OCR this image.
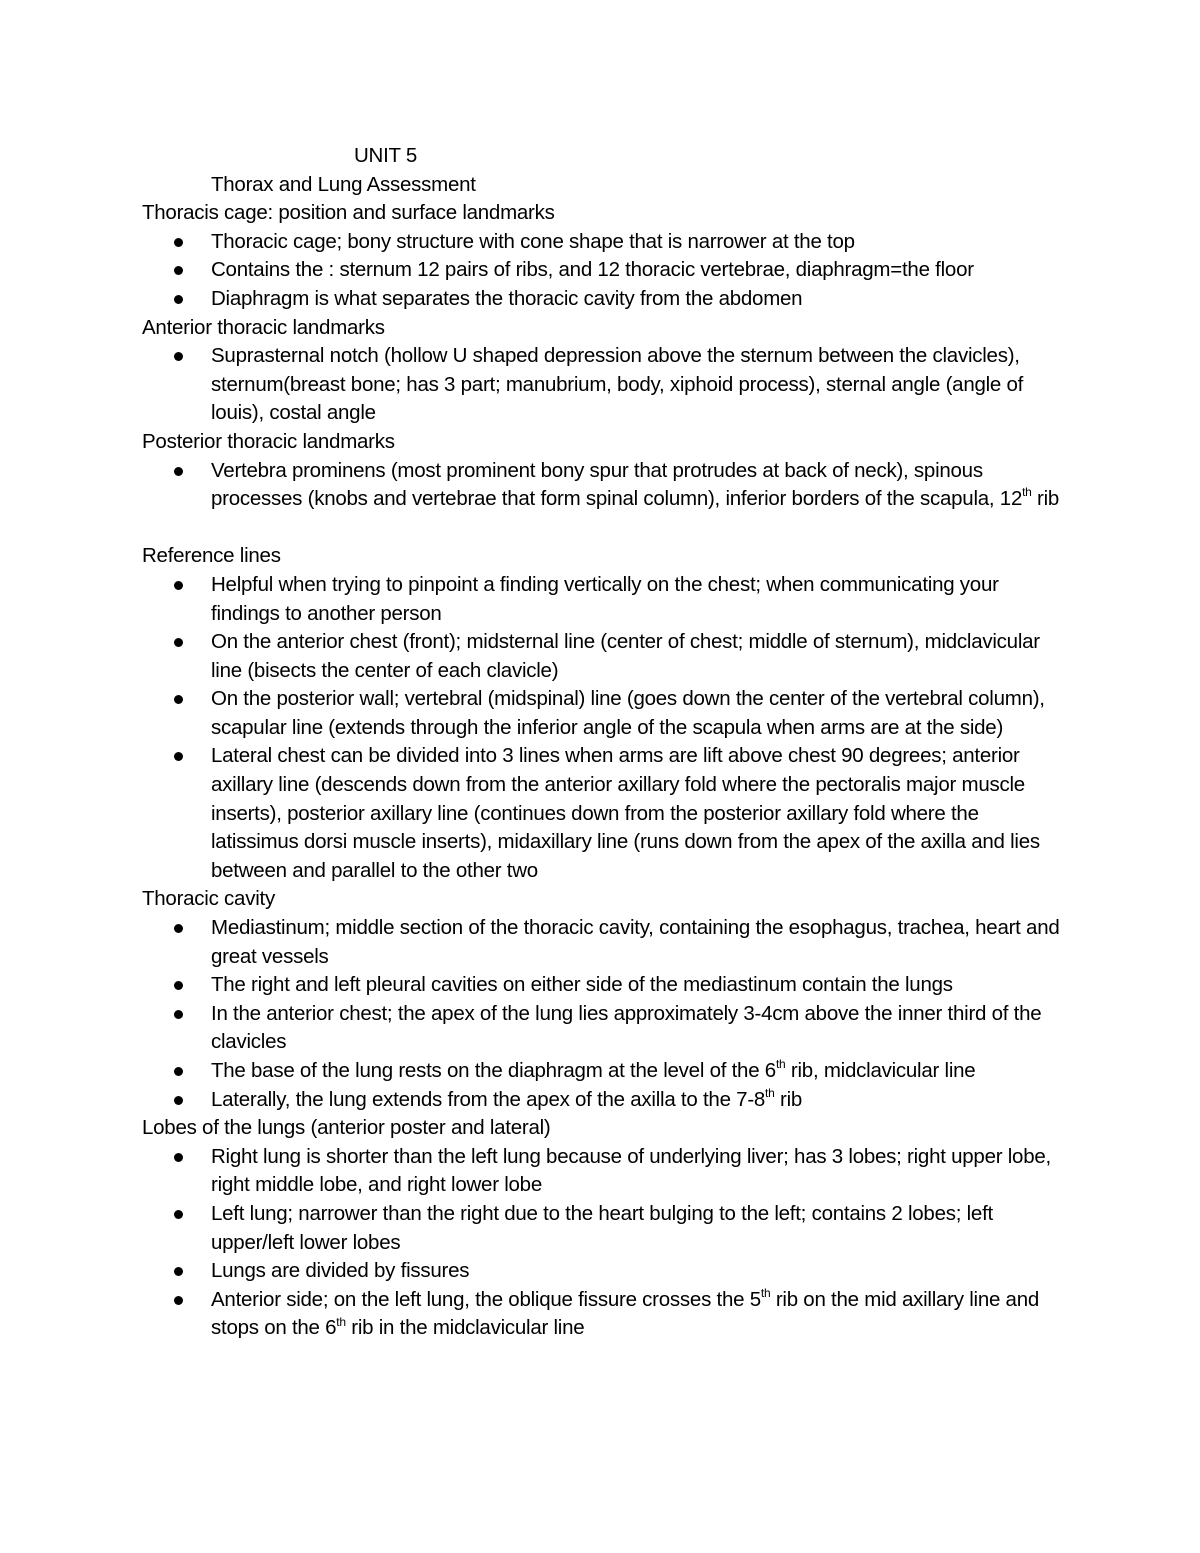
UNIT 5
Thorax and Lung Assessment
Thoracis cage: position and surface landmarks
Thoracic cage; bony structure with cone shape that is narrower at the top
Contains the : sternum 12 pairs of ribs, and 12 thoracic vertebrae, diaphragm=the floor
Diaphragm is what separates the thoracic cavity from the abdomen
Anterior thoracic landmarks
Suprasternal notch (hollow U shaped depression above the sternum between the clavicles), sternum(breast bone; has 3 part; manubrium, body, xiphoid process), sternal angle (angle of louis), costal angle
Posterior thoracic landmarks
Vertebra prominens (most prominent bony spur that protrudes at back of neck), spinous processes (knobs and vertebrae that form spinal column), inferior borders of the scapula, 12th rib
Reference lines
Helpful when trying to pinpoint a finding vertically on the chest; when communicating your findings to another person
On the anterior chest (front); midsternal line (center of chest; middle of sternum), midclavicular line (bisects the center of each clavicle)
On the posterior wall; vertebral (midspinal) line (goes down the center of the vertebral column), scapular line (extends through the inferior angle of the scapula when arms are at the side)
Lateral chest can be divided into 3 lines when arms are lift above chest 90 degrees; anterior axillary line (descends down from the anterior axillary fold where the pectoralis major muscle inserts), posterior axillary line (continues down from the posterior axillary fold where the latissimus dorsi muscle inserts), midaxillary line (runs down from the apex of the axilla and lies between and parallel to the other two
Thoracic cavity
Mediastinum; middle section of the thoracic cavity, containing the esophagus, trachea, heart and great vessels
The right and left pleural cavities on either side of the mediastinum contain the lungs
In the anterior chest; the apex of the lung lies approximately 3-4cm above the inner third of the clavicles
The base of the lung rests on the diaphragm at the level of the 6th rib, midclavicular line
Laterally, the lung extends from the apex of the axilla to the 7-8th rib
Lobes of the lungs (anterior poster and lateral)
Right lung is shorter than the left lung because of underlying liver; has 3 lobes; right upper lobe, right middle lobe, and right lower lobe
Left lung; narrower than the right due to the heart bulging to the left; contains 2 lobes; left upper/left lower lobes
Lungs are divided by fissures
Anterior side; on the left lung, the oblique fissure crosses the 5th rib on the mid axillary line and stops on the 6th rib in the midclavicular line
